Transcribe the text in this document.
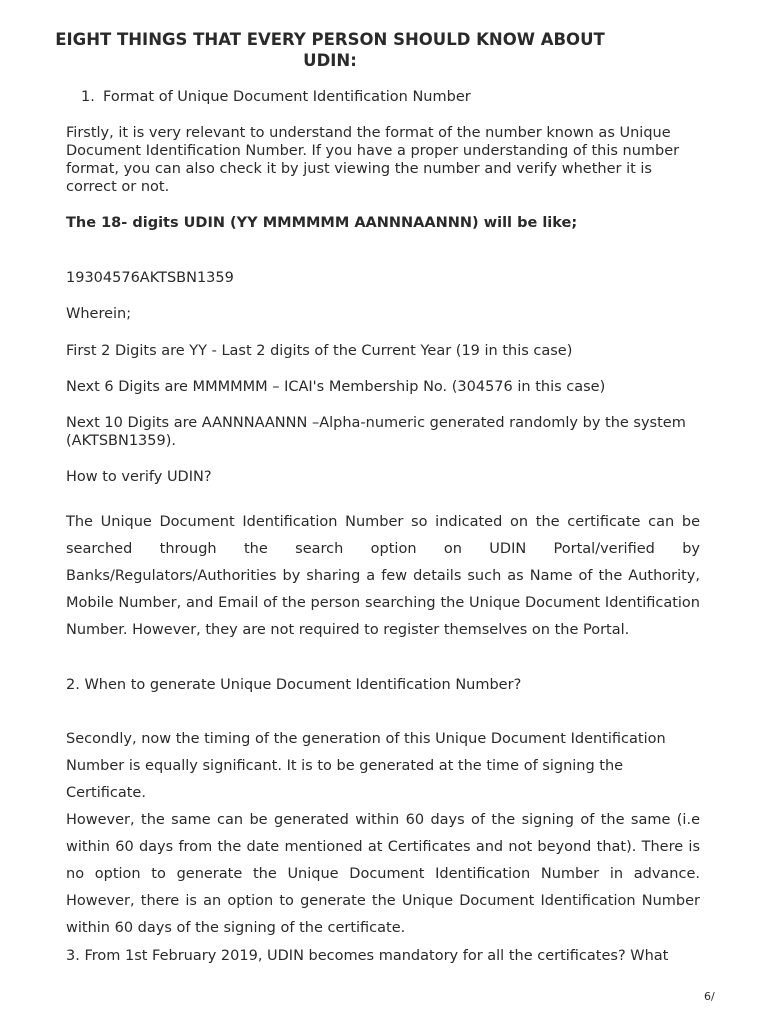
EIGHT THINGS THAT EVERY PERSON SHOULD KNOW ABOUT UDIN:
1. Format of Unique Document Identification Number

Firstly, it is very relevant to understand the format of the number known as Unique Document Identification Number. If you have a proper understanding of this number format, you can also check it by just viewing the number and verify whether it is correct or not.

The 18- digits UDIN (YY MMMMMM AANNNAANNN) will be like;

19304576AKTSBN1359

Wherein;

First 2 Digits are YY - Last 2 digits of the Current Year (19 in this case)

Next 6 Digits are MMMMMM – ICAI's Membership No. (304576 in this case)

Next 10 Digits are AANNNAANNN –Alpha-numeric generated randomly by the system (AKTSBN1359).

How to verify UDIN?

The Unique Document Identification Number so indicated on the certificate can be searched through the search option on UDIN Portal/verified by Banks/Regulators/Authorities by sharing a few details such as Name of the Authority, Mobile Number, and Email of the person searching the Unique Document Identification Number. However, they are not required to register themselves on the Portal.

2. When to generate Unique Document Identification Number?

Secondly, now the timing of the generation of this Unique Document Identification Number is equally significant. It is to be generated at the time of signing the Certificate.

However, the same can be generated within 60 days of the signing of the same (i.e within 60 days from the date mentioned at Certificates and not beyond that). There is no option to generate the Unique Document Identification Number in advance. However, there is an option to generate the Unique Document Identification Number within 60 days of the signing of the certificate.

3. From 1st February 2019, UDIN becomes mandatory for all the certificates? What

6/
